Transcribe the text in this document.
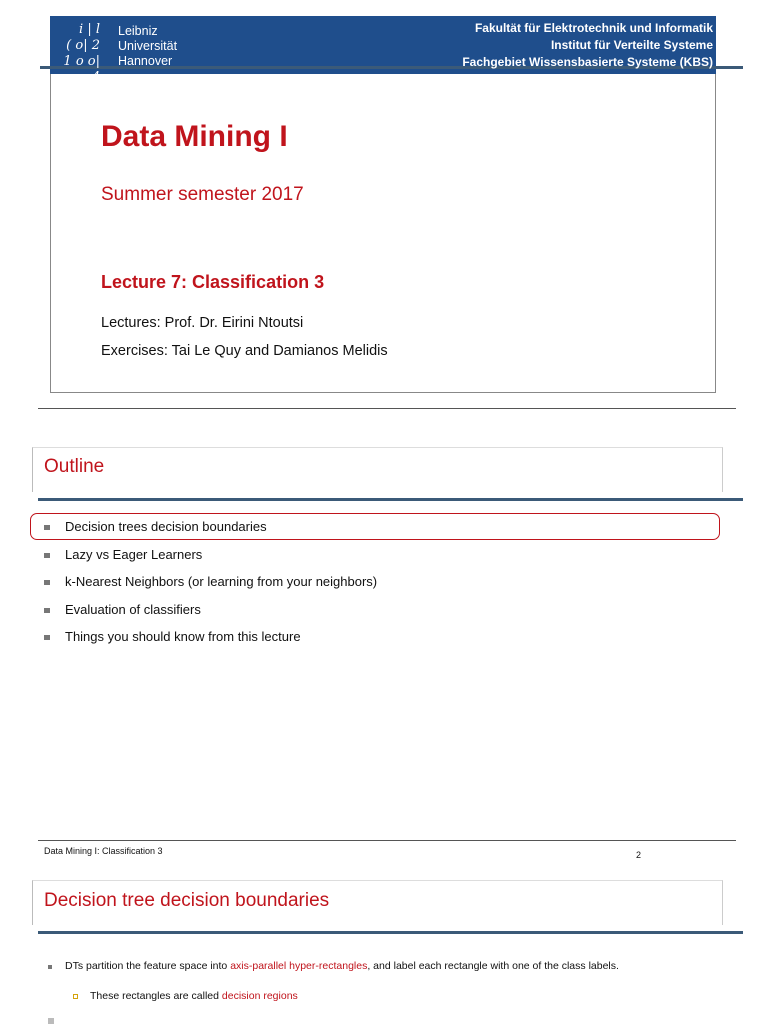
i | l
( o| 2
1 o o| 4
Leibniz
Universität
Hannover
Fakultät für Elektrotechnik und Informatik
Institut für Verteilte Systeme
Fachgebiet Wissensbasierte Systeme (KBS)
Data Mining I
Summer semester 2017
Lecture 7: Classification 3
Lectures: Prof. Dr. Eirini Ntoutsi
Exercises: Tai Le Quy and Damianos Melidis
Outline
Decision trees decision boundaries
Lazy vs Eager Learners
k-Nearest Neighbors (or learning from your neighbors)
Evaluation of classifiers
Things you should know from this lecture
Data Mining I: Classification 3	2
Decision tree decision boundaries
DTs partition the feature space into axis-parallel hyper-rectangles, and label each rectangle with one of the class labels.
These rectangles are called decision regions
